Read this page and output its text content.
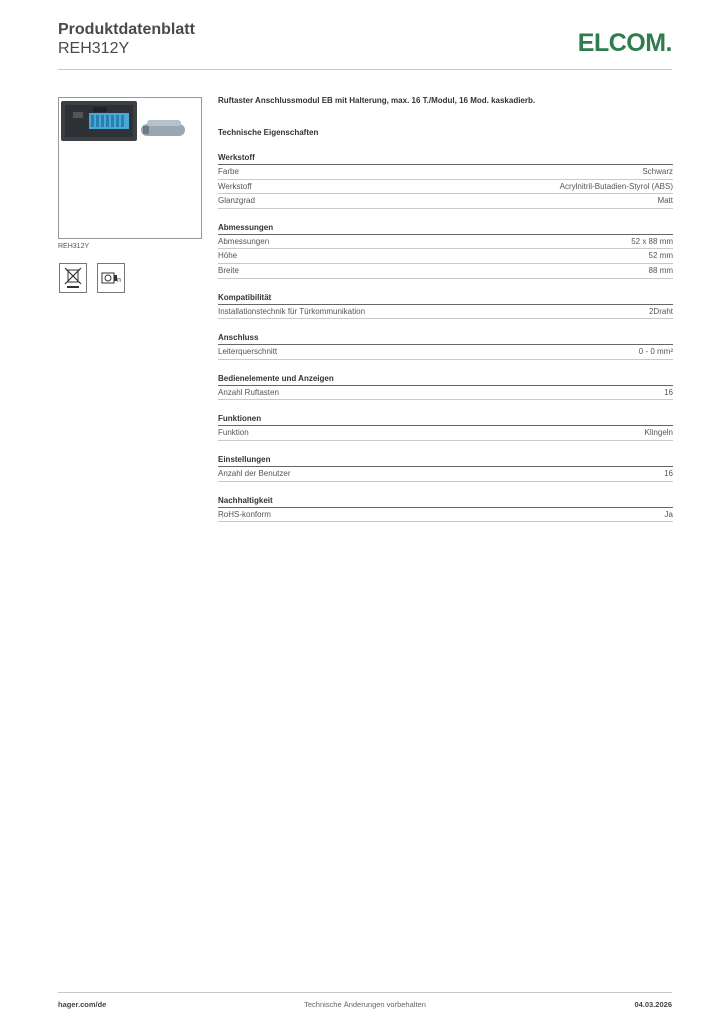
Produktdatenblatt
REH312Y	ELCOM.
REH312Y
n
Ruftaster Anschlussmodul EB mit Halterung, max. 16 T./Modul, 16 Mod. kaskadierb.
Technische Eigenschaften
Werkstoff
Farbe	Schwarz
Werkstoff	Acrylnitril-Butadien-Styrol (ABS)
Glanzgrad	Matt
Abmessungen
Abmessungen	52 x 88 mm
Höhe	52 mm
Breite	88 mm
Kompatibilität
Installationstechnik für Türkommunikation	2Draht
Anschluss
Leiterquerschnitt	0 - 0 mm²
Bedienelemente und Anzeigen
Anzahl Ruftasten	16
Funktionen
Funktion	Klingeln
Einstellungen
Anzahl der Benutzer	16
Nachhaltigkeit
RoHS-konform	Ja
hager.com/de	Technische Änderungen vorbehalten	04.03.2026
